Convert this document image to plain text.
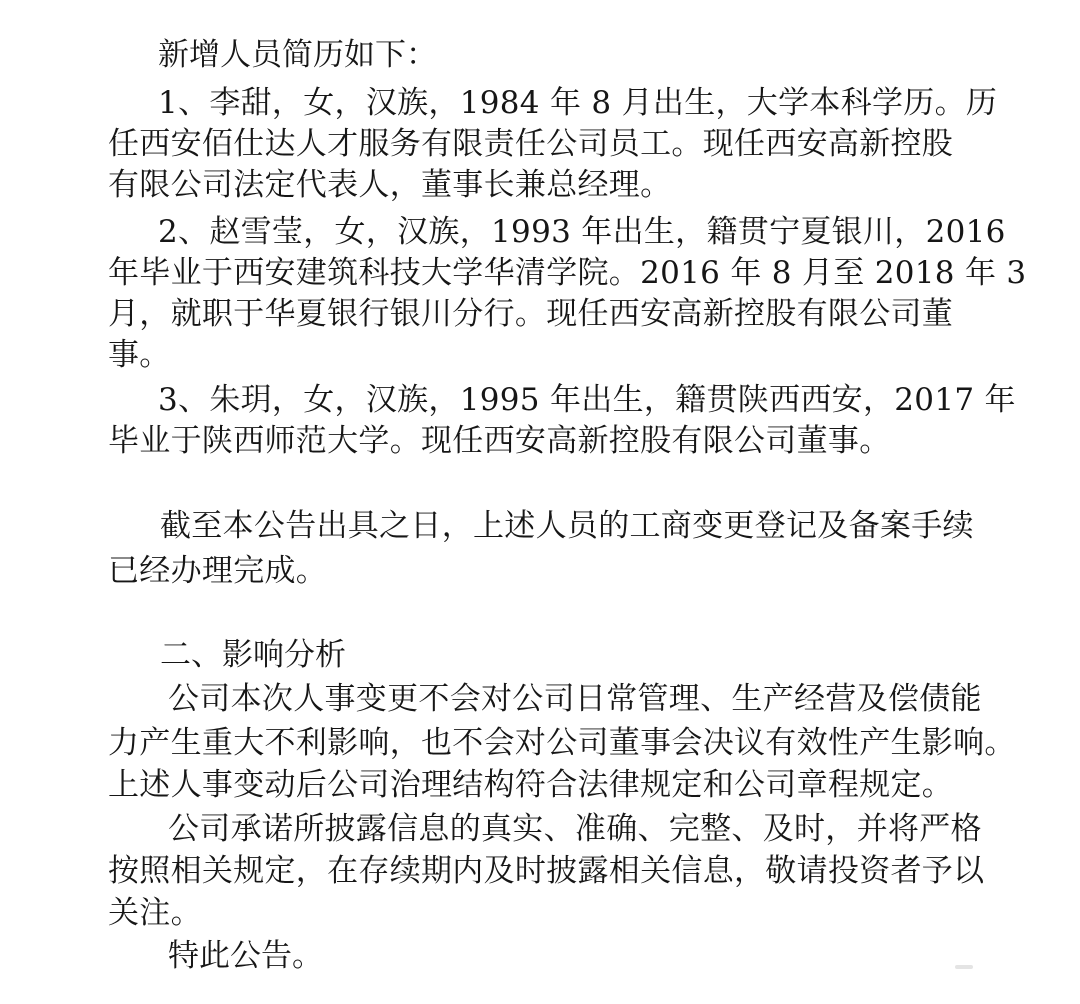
新增人员简历如下：

1、李甜，女，汉族，1984 年 8 月出生，大学本科学历。历

任西安佰仕达人才服务有限责任公司员工。现任西安高新控股

有限公司法定代表人，董事长兼总经理。

2、赵雪莹，女，汉族，1993 年出生，籍贯宁夏银川，2016

年毕业于西安建筑科技大学华清学院。2016 年 8 月至 2018 年 3

月，就职于华夏银行银川分行。现任西安高新控股有限公司董

事。

3、朱玥，女，汉族，1995 年出生，籍贯陕西西安，2017 年

毕业于陕西师范大学。现任西安高新控股有限公司董事。

截至本公告出具之日，上述人员的工商变更登记及备案手续

已经办理完成。

二、影响分析

公司本次人事变更不会对公司日常管理、生产经营及偿债能

力产生重大不利影响，也不会对公司董事会决议有效性产生影响。

上述人事变动后公司治理结构符合法律规定和公司章程规定。

公司承诺所披露信息的真实、准确、完整、及时，并将严格

按照相关规定，在存续期内及时披露相关信息，敬请投资者予以

关注。

特此公告。
